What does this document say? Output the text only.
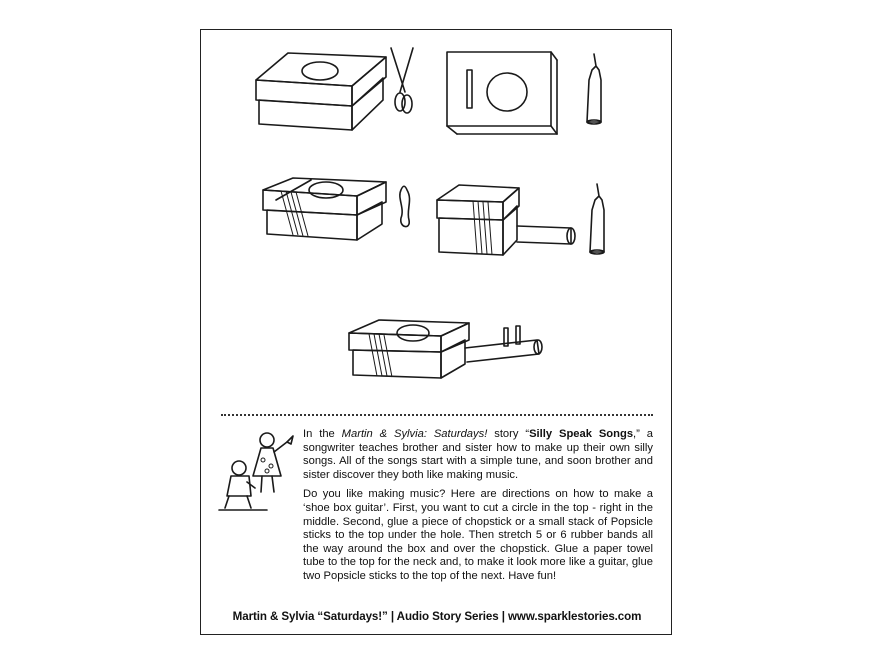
In the Martin & Sylvia: Saturdays! story “Silly Speak Songs,” a songwriter teaches brother and sister how to make up their own silly songs. All of the songs start with a simple tune, and soon brother and sister discover they both like making music.

Do you like making music? Here are directions on how to make a ‘shoe box guitar’. First, you want to cut a circle in the top - right in the middle. Second, glue a piece of chopstick or a small stack of Popsicle sticks to the top under the hole. Then stretch 5 or 6 rubber bands all the way around the box and over the chopstick. Glue a paper towel tube to the top for the neck and, to make it look more like a guitar, glue two Popsicle sticks to the top of the next. Have fun!

Martin & Sylvia “Saturdays!” | Audio Story Series | www.sparklestories.com
